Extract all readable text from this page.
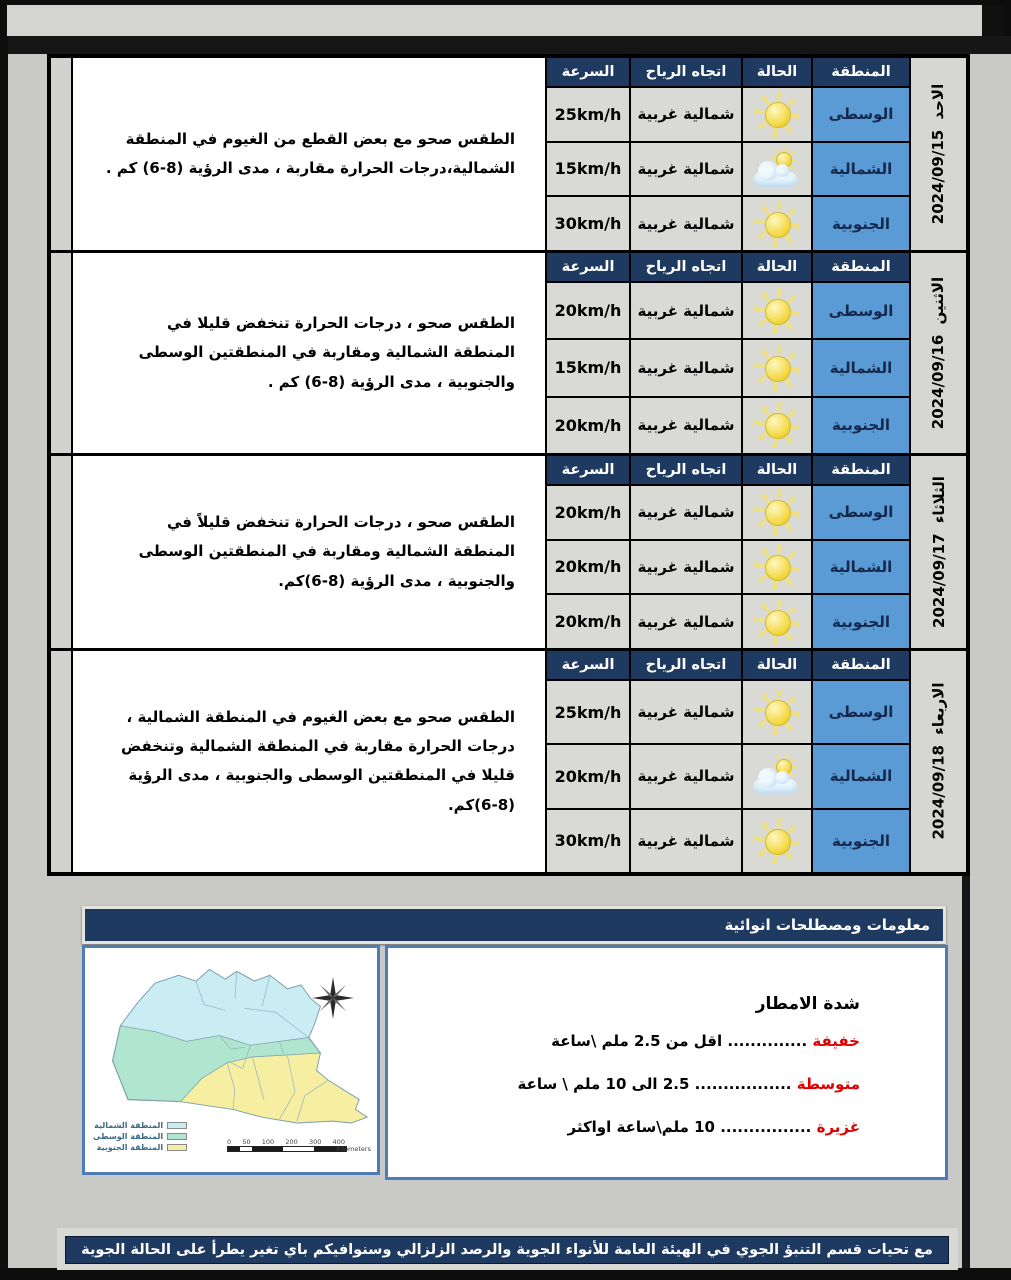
الطقس صحو مع بعض القطع من الغيوم في المنطقة الشمالية،درجات الحرارة مقاربة ، مدى الرؤية (8-6) كم .
السرعة	اتجاه الرياح	الحالة	المنطقة
الاحد 2024/09/15
25km/h	شمالية غربية	الوسطى
15km/h	شمالية غربية	الشمالية
30km/h	شمالية غربية	الجنوبية
الطقس صحو ، درجات الحرارة تنخفض قليلا في المنطقة الشمالية ومقاربة في المنطقتين الوسطى والجنوبية ، مدى الرؤية (8-6) كم .
السرعة	اتجاه الرياح	الحالة	المنطقة
الاثنين 2024/09/16
20km/h	شمالية غربية	الوسطى
15km/h	شمالية غربية	الشمالية
20km/h	شمالية غربية	الجنوبية
الطقس صحو ، درجات الحرارة تنخفض قليلاً في المنطقة الشمالية ومقاربة في المنطقتين الوسطى والجنوبية ، مدى الرؤية (8-6)كم.
السرعة	اتجاه الرياح	الحالة	المنطقة
الثلاثاء 2024/09/17
20km/h	شمالية غربية	الوسطى
20km/h	شمالية غربية	الشمالية
20km/h	شمالية غربية	الجنوبية
الطقس صحو مع بعض الغيوم في المنطقة الشمالية ، درجات الحرارة مقاربة في المنطقة الشمالية وتنخفض قليلا في المنطقتين الوسطى والجنوبية ، مدى الرؤية (8-6)كم.
السرعة	اتجاه الرياح	الحالة	المنطقة
الاربعاء 2024/09/18
25km/h	شمالية غربية	الوسطى
20km/h	شمالية غربية	الشمالية
30km/h	شمالية غربية	الجنوبية
معلومات ومصطلحات انوائية
المنطقة الشمالية
المنطقة الوسطى
المنطقة الجنوبية
0 50 100 200 300 400
Kilometers
شدة الامطار
خفيفة .............. اقل من 2.5 ملم \ساعة
متوسطة ................. 2.5 الى 10 ملم \ ساعة
غزيرة ................ 10 ملم\ساعة اواكثر
مع تحيات قسم التنبؤ الجوي في الهيئة العامة للأنواء الجوية والرصد الزلزالي وسنوافيكم باي تغير يطرأ على الحالة الجوية
